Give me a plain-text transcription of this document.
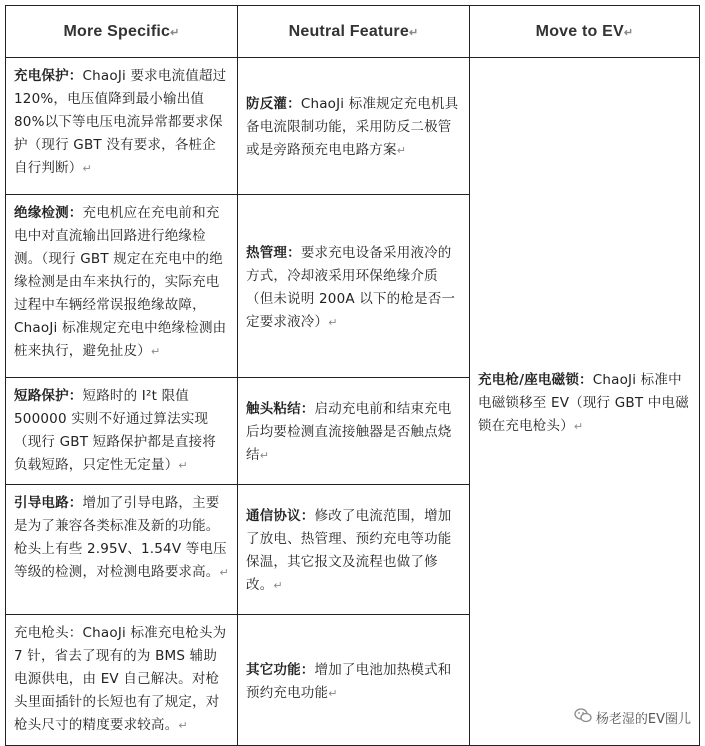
More Specific↵	Neutral Feature↵	Move to EV↵
充电保护：ChaoJi 要求电流值超过 120%，电压值降到最小输出值 80%以下等电压电流异常都要求保护（现行 GBT 没有要求，各桩企自行判断）↵
绝缘检测：充电机应在充电前和充电中对直流输出回路进行绝缘检测。（现行 GBT 规定在充电中的绝缘检测是由车来执行的，实际充电过程中车辆经常误报绝缘故障，ChaoJi 标准规定充电中绝缘检测由桩来执行，避免扯皮）↵
短路保护：短路时的 I²t 限值 500000 实则不好通过算法实现（现行 GBT 短路保护都是直接将负载短路，只定性无定量）↵
引导电路：增加了引导电路，主要是为了兼容各类标准及新的功能。枪头上有些 2.95V、1.54V 等电压等级的检测，对检测电路要求高。↵
充电枪头：ChaoJi 标准充电枪头为 7 针，省去了现有的为 BMS 辅助电源供电，由 EV 自己解决。对枪头里面插针的长短也有了规定，对枪头尺寸的精度要求较高。↵
防反灌：ChaoJi 标准规定充电机具备电流限制功能，采用防反二极管或是旁路预充电电路方案↵
热管理：要求充电设备采用液冷的方式，冷却液采用环保绝缘介质（但未说明 200A 以下的枪是否一定要求液冷）↵
触头粘结：启动充电前和结束充电后均要检测直流接触器是否触点烧结↵
通信协议：修改了电流范围，增加了放电、热管理、预约充电等功能保温，其它报文及流程也做了修改。↵
其它功能：增加了电池加热模式和预约充电功能↵
充电枪/座电磁锁：ChaoJi 标准中电磁锁移至 EV（现行 GBT 中电磁锁在充电枪头）↵
杨老湿的EV圈儿
